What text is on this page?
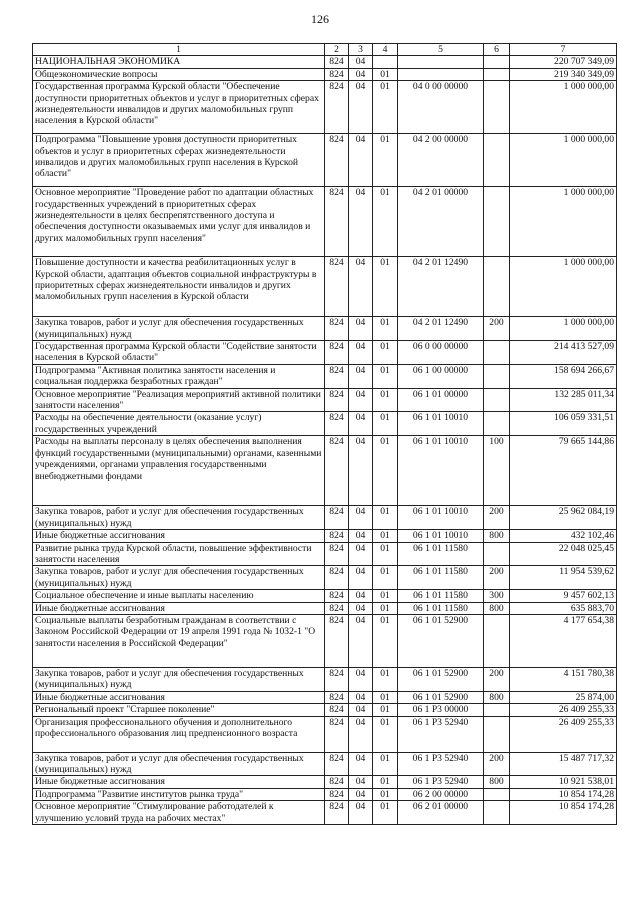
126
1	2	3	4	5	6	7
НАЦИОНАЛЬНАЯ ЭКОНОМИКА	824	04				220 707 349,09
Общеэкономические вопросы	824	04	01			219 340 349,09
Государственная программа Курской области "Обеспечение доступности приоритетных объектов и услуг в приоритетных сферах жизнедеятельности инвалидов и других маломобильных групп населения в Курской области"	824	04	01	04 0 00 00000		1 000 000,00
Подпрограмма "Повышение уровня доступности приоритетных объектов и услуг в приоритетных сферах жизнедеятельности инвалидов и других маломобильных групп населения в Курской области"	824	04	01	04 2 00 00000		1 000 000,00
Основное мероприятие "Проведение работ по адаптации областных государственных учреждений в приоритетных сферах жизнедеятельности в целях беспрепятственного доступа и обеспечения доступности оказываемых ими услуг для инвалидов и других маломобильных групп населения"	824	04	01	04 2 01 00000		1 000 000,00
Повышение доступности и качества реабилитационных услуг в Курской области, адаптация объектов социальной инфраструктуры в приоритетных сферах жизнедеятельности инвалидов и других маломобильных групп населения в Курской области	824	04	01	04 2 01 12490		1 000 000,00
Закупка товаров, работ и услуг для обеспечения государственных (муниципальных) нужд	824	04	01	04 2 01 12490	200	1 000 000,00
Государственная программа Курской области "Содействие занятости населения в Курской области"	824	04	01	06 0 00 00000		214 413 527,09
Подпрограмма "Активная политика занятости населения и социальная поддержка безработных граждан"	824	04	01	06 1 00 00000		158 694 266,67
Основное мероприятие "Реализация мероприятий активной политики занятости населения"	824	04	01	06 1 01 00000		132 285 011,34
Расходы на обеспечение деятельности (оказание услуг) государственных учреждений	824	04	01	06 1 01 10010		106 059 331,51
Расходы на выплаты персоналу в целях обеспечения выполнения функций государственными (муниципальными) органами, казенными учреждениями, органами управления государственными внебюджетными фондами	824	04	01	06 1 01 10010	100	79 665 144,86
Закупка товаров, работ и услуг для обеспечения государственных (муниципальных) нужд	824	04	01	06 1 01 10010	200	25 962 084,19
Иные бюджетные ассигнования	824	04	01	06 1 01 10010	800	432 102,46
Развитие рынка труда Курской области, повышение эффективности занятости населения	824	04	01	06 1 01 11580		22 048 025,45
Закупка товаров, работ и услуг для обеспечения государственных (муниципальных) нужд	824	04	01	06 1 01 11580	200	11 954 539,62
Социальное обеспечение и иные выплаты населению	824	04	01	06 1 01 11580	300	9 457 602,13
Иные бюджетные ассигнования	824	04	01	06 1 01 11580	800	635 883,70
Социальные выплаты безработным гражданам в соответствии с Законом Российской Федерации от 19 апреля 1991 года № 1032-1 "О занятости населения в Российской Федерации"	824	04	01	06 1 01 52900		4 177 654,38
Закупка товаров, работ и услуг для обеспечения государственных (муниципальных) нужд	824	04	01	06 1 01 52900	200	4 151 780,38
Иные бюджетные ассигнования	824	04	01	06 1 01 52900	800	25 874,00
Региональный проект "Старшее поколение"	824	04	01	06 1 P3 00000		26 409 255,33
Организация профессионального обучения и дополнительного профессионального образования лиц предпенсионного возраста	824	04	01	06 1 P3 52940		26 409 255,33
Закупка товаров, работ и услуг для обеспечения государственных (муниципальных) нужд	824	04	01	06 1 P3 52940	200	15 487 717,32
Иные бюджетные ассигнования	824	04	01	06 1 P3 52940	800	10 921 538,01
Подпрограмма "Развитие институтов рынка труда"	824	04	01	06 2 00 00000		10 854 174,28
Основное мероприятие "Стимулирование работодателей к улучшению условий труда на рабочих местах"	824	04	01	06 2 01 00000		10 854 174,28
